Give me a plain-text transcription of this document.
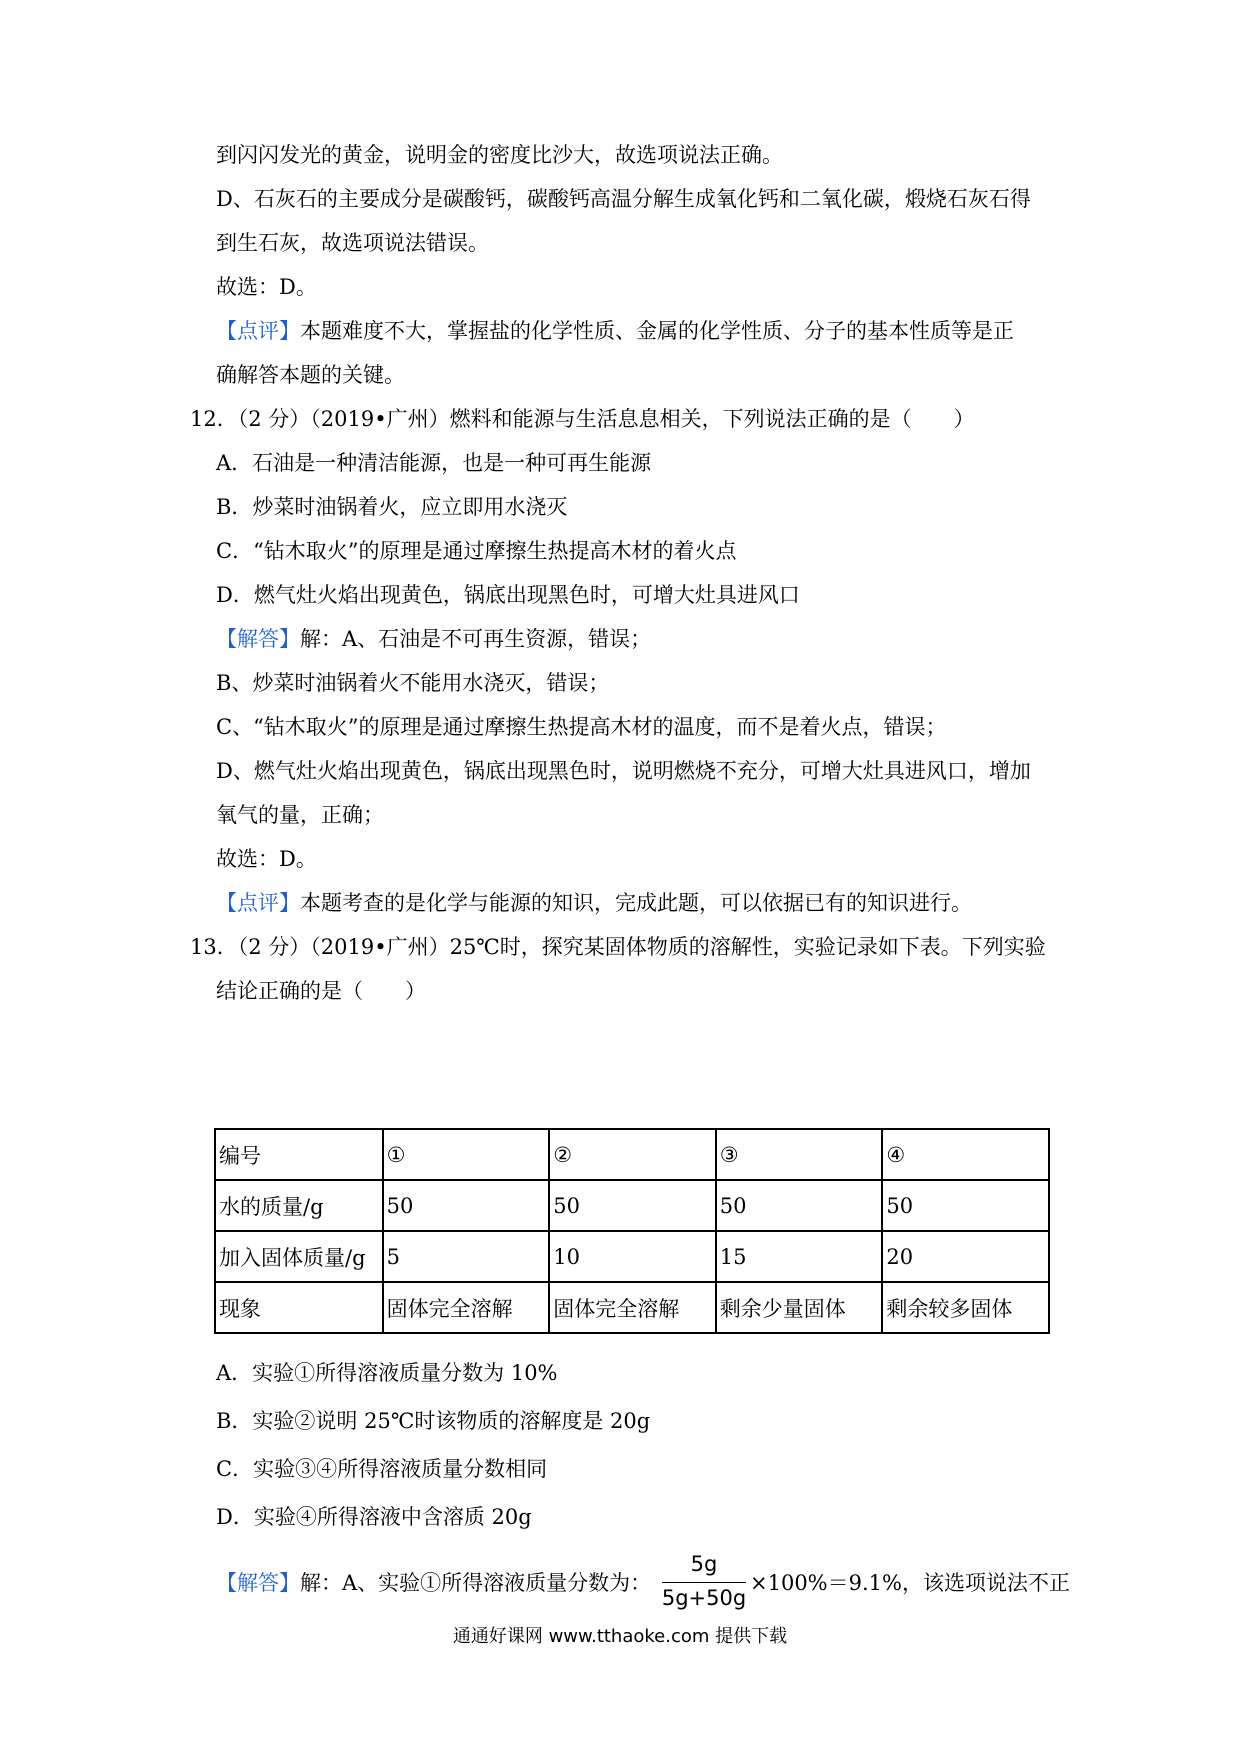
到闪闪发光的黄金，说明金的密度比沙大，故选项说法正确。
D、石灰石的主要成分是碳酸钙，碳酸钙高温分解生成氧化钙和二氧化碳，煅烧石灰石得
到生石灰，故选项说法错误。
故选：D。
【点评】本题难度不大，掌握盐的化学性质、金属的化学性质、分子的基本性质等是正
确解答本题的关键。
12．（2 分）（2019•广州）燃料和能源与生活息息相关，下列说法正确的是（　　）
A．石油是一种清洁能源，也是一种可再生能源
B．炒菜时油锅着火，应立即用水浇灭
C．“钻木取火”的原理是通过摩擦生热提高木材的着火点
D．燃气灶火焰出现黄色，锅底出现黑色时，可增大灶具进风口
【解答】解：A、石油是不可再生资源，错误；
B、炒菜时油锅着火不能用水浇灭，错误；
C、“钻木取火”的原理是通过摩擦生热提高木材的温度，而不是着火点，错误；
D、燃气灶火焰出现黄色，锅底出现黑色时，说明燃烧不充分，可增大灶具进风口，增加
氧气的量，正确；
故选：D。
【点评】本题考查的是化学与能源的知识，完成此题，可以依据已有的知识进行。
13．（2 分）（2019•广州）25℃时，探究某固体物质的溶解性，实验记录如下表。下列实验
结论正确的是（　　）
编号	①	②	③	④
水的质量/g	50	50	50	50
加入固体质量/g	5	10	15	20
现象	固体完全溶解	固体完全溶解	剩余少量固体	剩余较多固体
A．实验①所得溶液质量分数为 10%
B．实验②说明 25℃时该物质的溶解度是 20g
C．实验③④所得溶液质量分数相同
D．实验④所得溶液中含溶质 20g
【解答】解：A、实验①所得溶液质量分数为：
5g
5g+50g
×100%＝9.1%，该选项说法不正
通通好课网 www.tthaoke.com 提供下载
